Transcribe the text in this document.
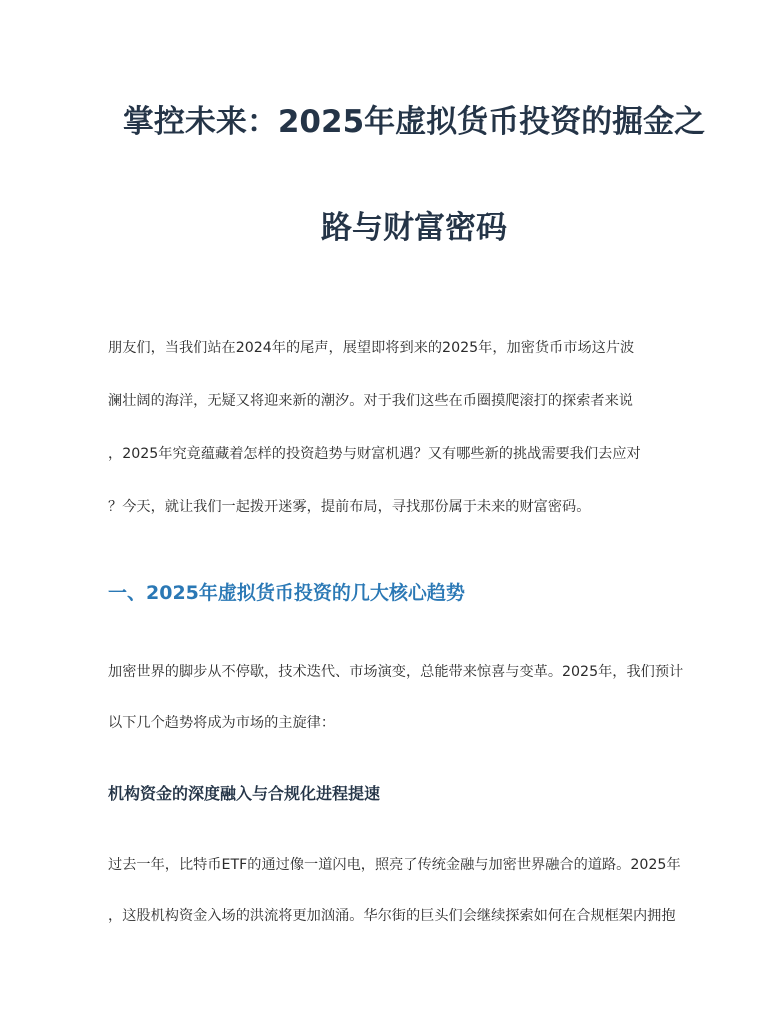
掌控未来：2025年虚拟货币投资的掘金之
路与财富密码

朋友们，当我们站在2024年的尾声，展望即将到来的2025年，加密货币市场这片波

澜壮阔的海洋，无疑又将迎来新的潮汐。对于我们这些在币圈摸爬滚打的探索者来说

，2025年究竟蕴藏着怎样的投资趋势与财富机遇？又有哪些新的挑战需要我们去应对

？今天，就让我们一起拨开迷雾，提前布局，寻找那份属于未来的财富密码。

一、2025年虚拟货币投资的几大核心趋势

加密世界的脚步从不停歇，技术迭代、市场演变，总能带来惊喜与变革。2025年，我们预计

以下几个趋势将成为市场的主旋律：

机构资金的深度融入与合规化进程提速

过去一年，比特币ETF的通过像一道闪电，照亮了传统金融与加密世界融合的道路。2025年

，这股机构资金入场的洪流将更加汹涌。华尔街的巨头们会继续探索如何在合规框架内拥抱
